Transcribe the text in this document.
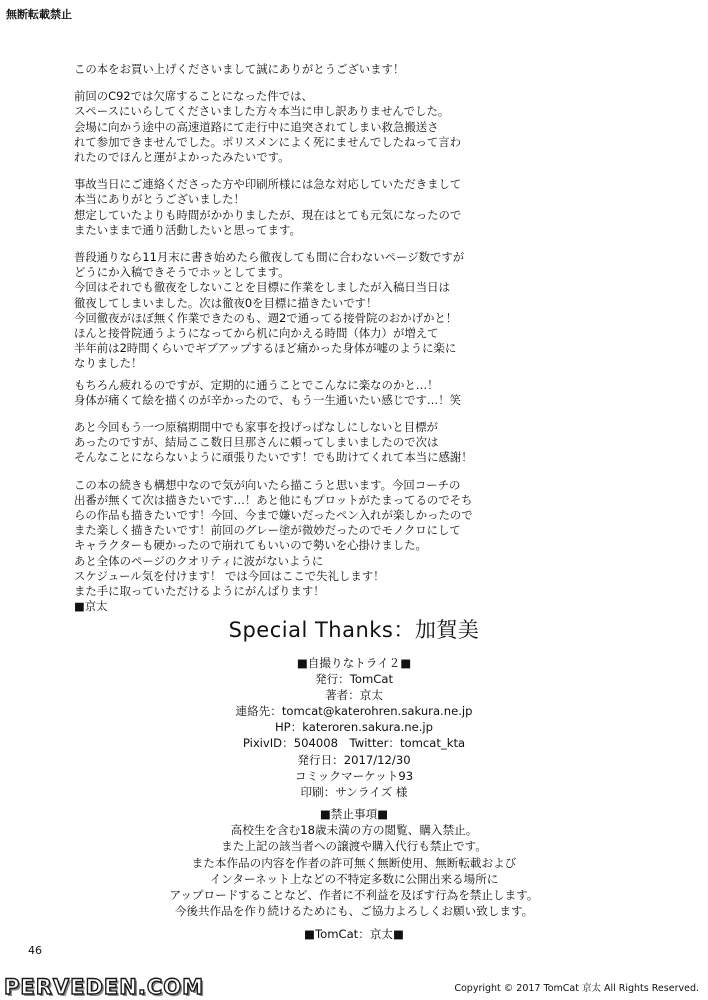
無断転載禁止

この本をお買い上げくださいまして誠にありがとうございます！

前回のC92では欠席することになった件では、
スペースにいらしてくださいました方々本当に申し訳ありませんでした。
会場に向かう途中の高速道路にて走行中に追突されてしまい救急搬送さ
れて参加できませんでした。ポリスメンによく死にませんでしたねって言わ
れたのでほんと運がよかったみたいです。

事故当日にご連絡くださった方や印刷所様には急な対応していただきまして
本当にありがとうございました！
想定していたよりも時間がかかりましたが、現在はとても元気になったので
またいままで通り活動したいと思ってます。

普段通りなら11月末に書き始めたら徹夜しても間に合わないページ数ですが
どうにか入稿できそうでホッとしてます。
今回はそれでも徹夜をしないことを目標に作業をしましたが入稿日当日は
徹夜してしまいました。次は徹夜0を目標に描きたいです！
今回徹夜がほぼ無く作業できたのも、週2で通ってる接骨院のおかげかと！
ほんと接骨院通うようになってから机に向かえる時間（体力）が増えて
半年前は2時間くらいでギブアップするほど痛かった身体が嘘のように楽に
なりました！

もちろん疲れるのですが、定期的に通うことでこんなに楽なのかと…！
身体が痛くて絵を描くのが辛かったので、もう一生通いたい感じです…！笑

あと今回もう一つ原稿期間中でも家事を投げっぱなしにしないと目標が
あったのですが、結局ここ数日旦那さんに頼ってしまいましたので次は
そんなことにならないように頑張りたいです！でも助けてくれて本当に感謝！

この本の続きも構想中なので気が向いたら描こうと思います。今回コーチの
出番が無くて次は描きたいです…！あと他にもプロットがたまってるのでそち
らの作品も描きたいです！今回、今まで嫌いだったペン入れが楽しかったので
また楽しく描きたいです！前回のグレー塗が微妙だったのでモノクロにして
キャラクターも硬かったので崩れてもいいので勢いを心掛けました。
あと全体のページのクオリティに波がないように
スケジュール気を付けます！ では今回はここで失礼します！
また手に取っていただけるようにがんばります！
■京太

Special Thanks：加賀美
■自撮りなトライ２■
発行：TomCat
著者：京太
連絡先：tomcat@katerohren.sakura.ne.jp
HP：kateroren.sakura.ne.jp
PixivID：504008　Twitter：tomcat_kta
発行日：2017/12/30
コミックマーケット93
印刷：サンライズ 様
■禁止事項■
高校生を含む18歳未満の方の閲覧、購入禁止。
また上記の該当者への譲渡や購入代行も禁止です。
また本作品の内容を作者の許可無く無断使用、無断転載および
インターネット上などの不特定多数に公開出来る場所に
アップロードすることなど、作者に不利益を及ぼす行為を禁止します。
今後共作品を作り続けるためにも、ご協力よろしくお願い致します。
■TomCat：京太■
46
PERVEDEN.COM	Copyright © 2017 TomCat 京太 All Rights Reserved.
